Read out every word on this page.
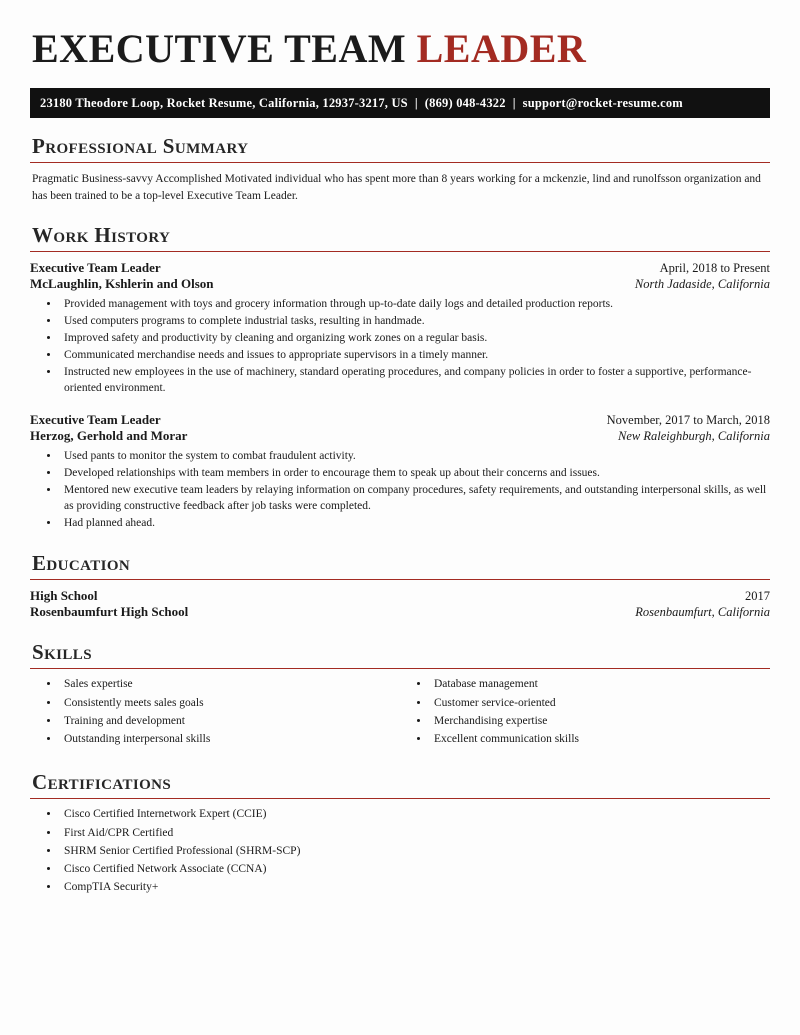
EXECUTIVE TEAM LEADER
23180 Theodore Loop, Rocket Resume, California, 12937-3217, US | (869) 048-4322 | support@rocket-resume.com
Professional Summary

Pragmatic Business-savvy Accomplished Motivated individual who has spent more than 8 years working for a mckenzie, lind and runolfsson organization and has been trained to be a top-level Executive Team Leader.

Work History
Executive Team Leader	April, 2018 to Present
McLaughlin, Kshlerin and Olson	North Jadaside, California
• Provided management with toys and grocery information through up-to-date daily logs and detailed production reports.
• Used computers programs to complete industrial tasks, resulting in handmade.
• Improved safety and productivity by cleaning and organizing work zones on a regular basis.
• Communicated merchandise needs and issues to appropriate supervisors in a timely manner.
• Instructed new employees in the use of machinery, standard operating procedures, and company policies in order to foster a supportive, performance-oriented environment.
Executive Team Leader	November, 2017 to March, 2018
Herzog, Gerhold and Morar	New Raleighburgh, California
• Used pants to monitor the system to combat fraudulent activity.
• Developed relationships with team members in order to encourage them to speak up about their concerns and issues.
• Mentored new executive team leaders by relaying information on company procedures, safety requirements, and outstanding interpersonal skills, as well as providing constructive feedback after job tasks were completed.
• Had planned ahead.
Education
High School	2017
Rosenbaumfurt High School	Rosenbaumfurt, California
Skills
• Sales expertise
• Consistently meets sales goals
• Training and development
• Outstanding interpersonal skills
• Database management
• Customer service-oriented
• Merchandising expertise
• Excellent communication skills
Certifications
• Cisco Certified Internetwork Expert (CCIE)
• First Aid/CPR Certified
• SHRM Senior Certified Professional (SHRM-SCP)
• Cisco Certified Network Associate (CCNA)
• CompTIA Security+
